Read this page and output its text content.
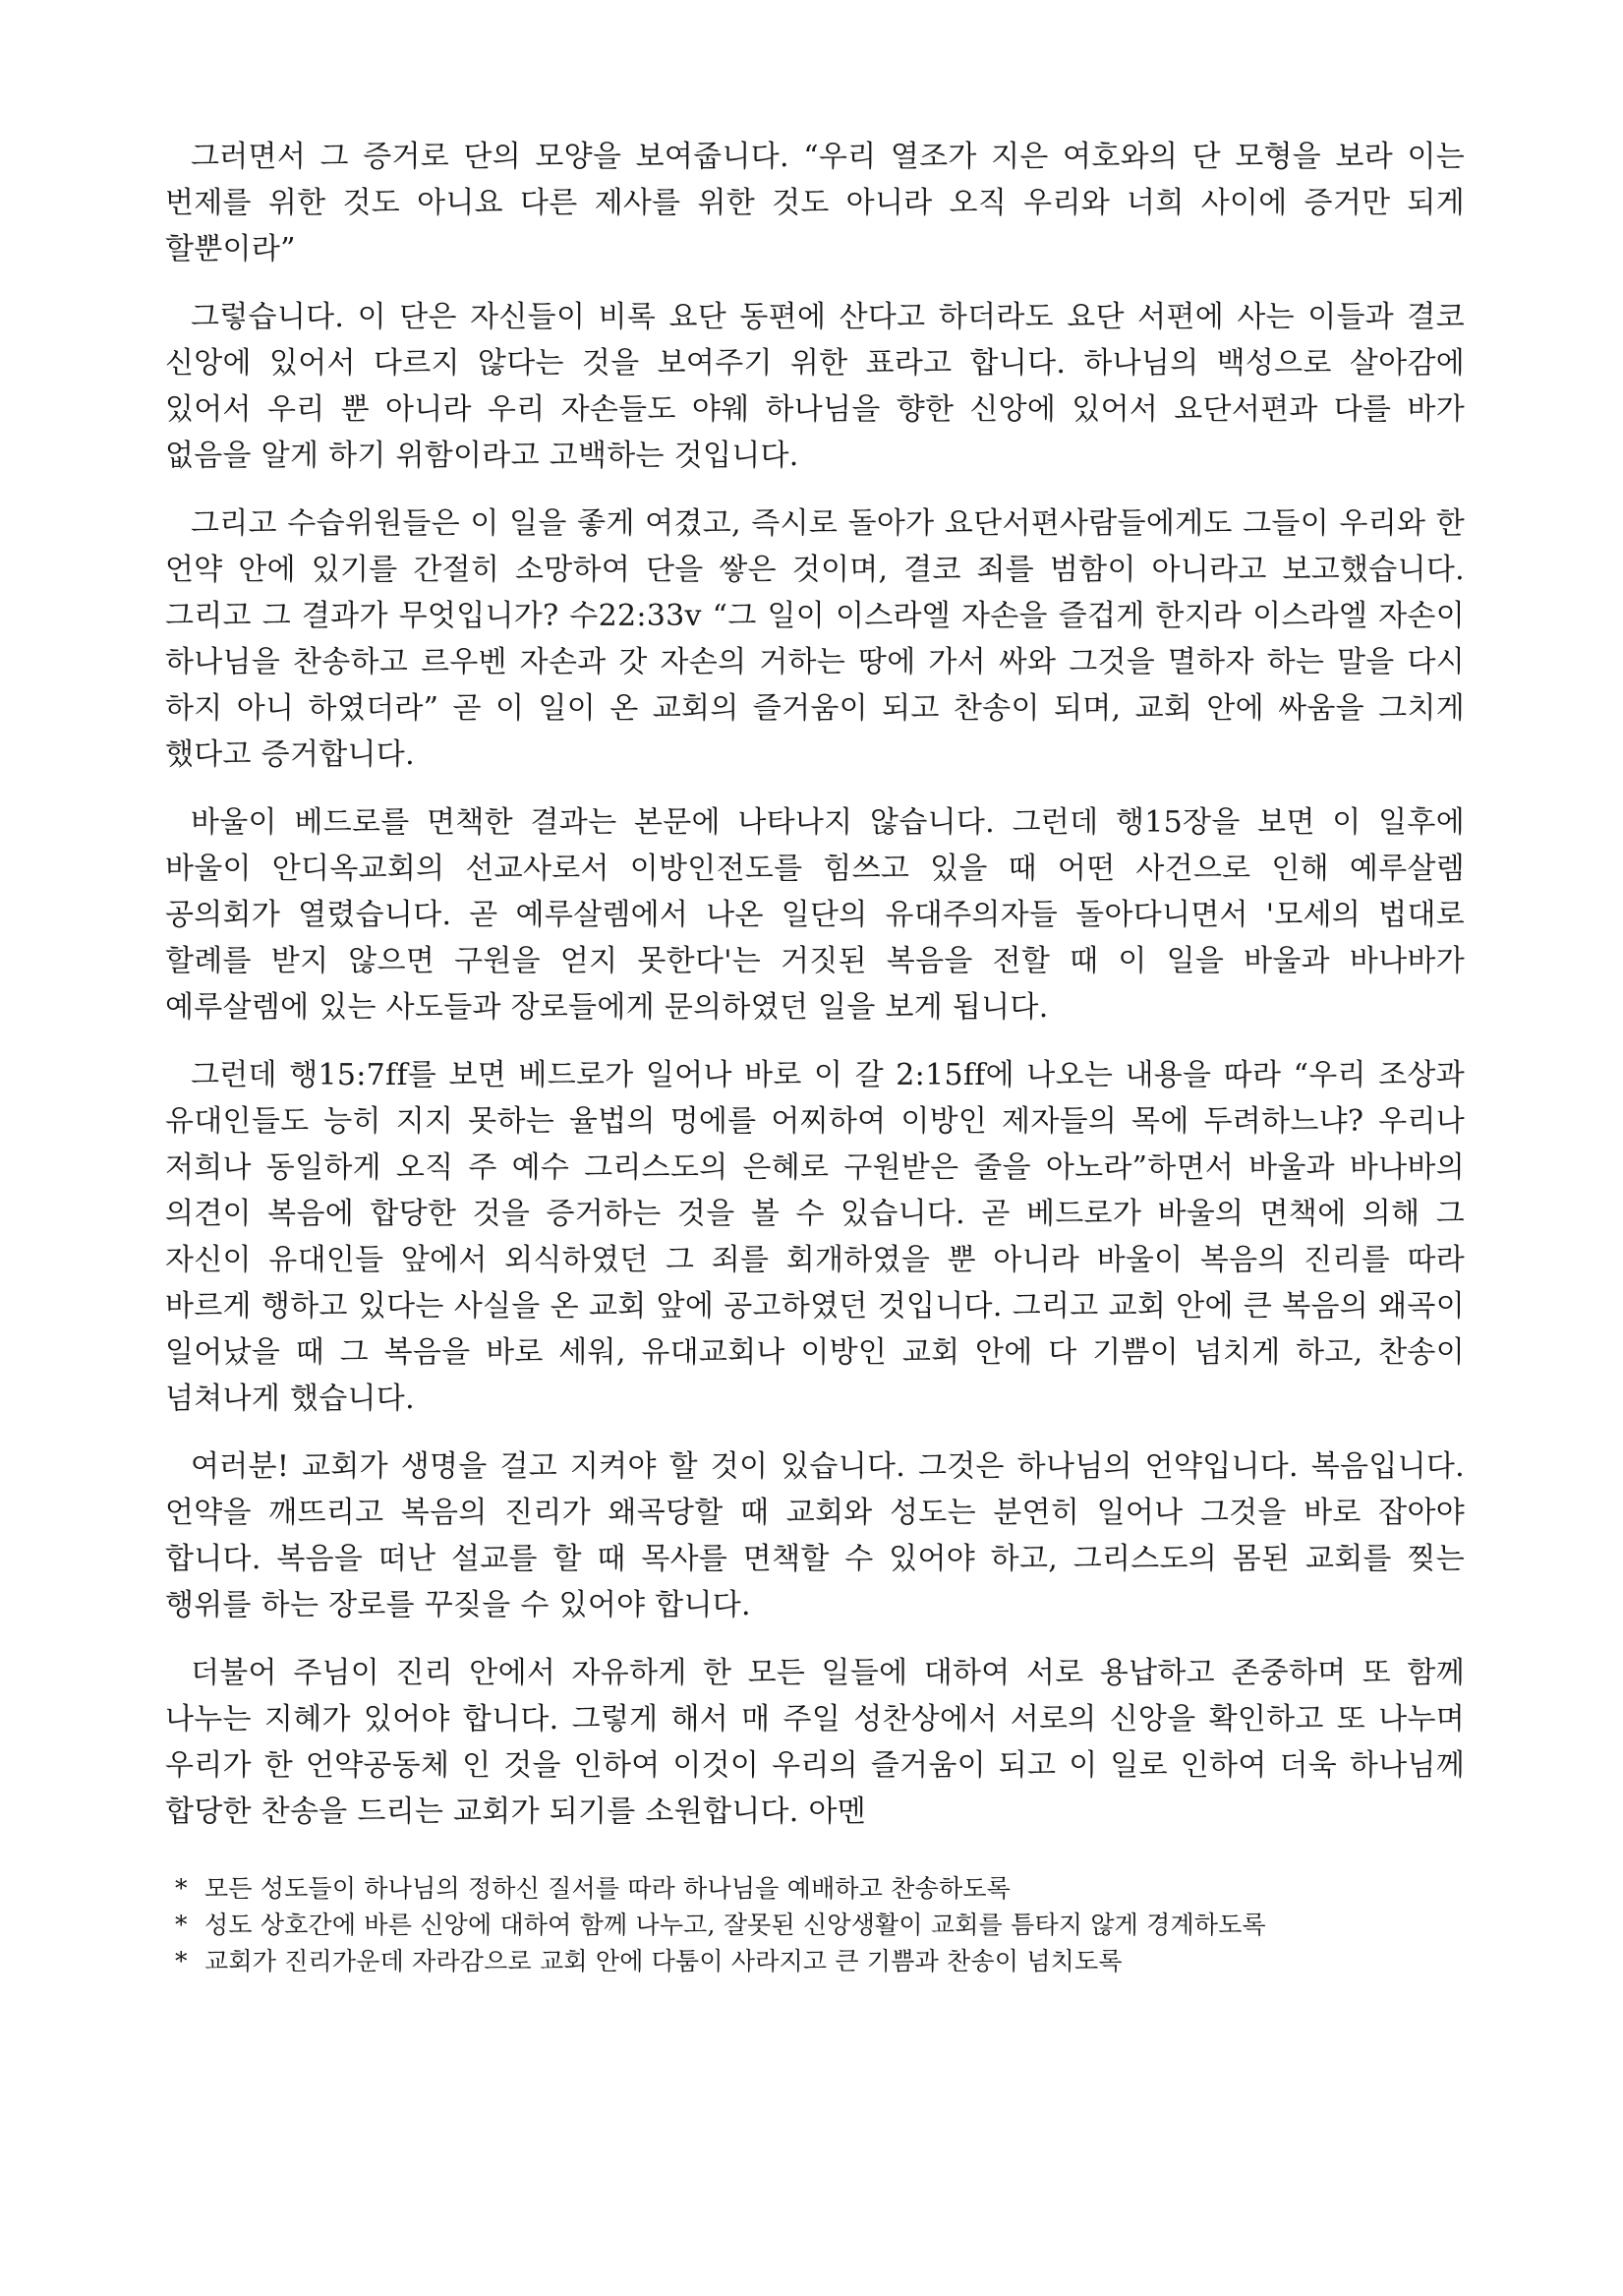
그러면서 그 증거로 단의 모양을 보여줍니다. “우리 열조가 지은 여호와의 단 모형을 보라 이는 번제를 위한 것도 아니요 다른 제사를 위한 것도 아니라 오직 우리와 너희 사이에 증거만 되게 할뿐이라”

그렇습니다. 이 단은 자신들이 비록 요단 동편에 산다고 하더라도 요단 서편에 사는 이들과 결코 신앙에 있어서 다르지 않다는 것을 보여주기 위한 표라고 합니다. 하나님의 백성으로 살아감에 있어서 우리 뿐 아니라 우리 자손들도 야웨 하나님을 향한 신앙에 있어서 요단서편과 다를 바가 없음을 알게 하기 위함이라고 고백하는 것입니다.

그리고 수습위원들은 이 일을 좋게 여겼고, 즉시로 돌아가 요단서편사람들에게도 그들이 우리와 한 언약 안에 있기를 간절히 소망하여 단을 쌓은 것이며, 결코 죄를 범함이 아니라고 보고했습니다. 그리고 그 결과가 무엇입니가? 수22:33v “그 일이 이스라엘 자손을 즐겁게 한지라 이스라엘 자손이 하나님을 찬송하고 르우벤 자손과 갓 자손의 거하는 땅에 가서 싸와 그것을 멸하자 하는 말을 다시 하지 아니 하였더라” 곧 이 일이 온 교회의 즐거움이 되고 찬송이 되며, 교회 안에 싸움을 그치게 했다고 증거합니다.

바울이 베드로를 면책한 결과는 본문에 나타나지 않습니다. 그런데 행15장을 보면 이 일후에 바울이 안디옥교회의 선교사로서 이방인전도를 힘쓰고 있을 때 어떤 사건으로 인해 예루살렘 공의회가 열렸습니다. 곧 예루살렘에서 나온 일단의 유대주의자들 돌아다니면서 '모세의 법대로 할례를 받지 않으면 구원을 얻지 못한다'는 거짓된 복음을 전할 때 이 일을 바울과 바나바가 예루살렘에 있는 사도들과 장로들에게 문의하였던 일을 보게 됩니다.

그런데 행15:7ff를 보면 베드로가 일어나 바로 이 갈 2:15ff에 나오는 내용을 따라 “우리 조상과 유대인들도 능히 지지 못하는 율법의 멍에를 어찌하여 이방인 제자들의 목에 두려하느냐? 우리나 저희나 동일하게 오직 주 예수 그리스도의 은혜로 구원받은 줄을 아노라”하면서 바울과 바나바의 의견이 복음에 합당한 것을 증거하는 것을 볼 수 있습니다. 곧 베드로가 바울의 면책에 의해 그 자신이 유대인들 앞에서 외식하였던 그 죄를 회개하였을 뿐 아니라 바울이 복음의 진리를 따라 바르게 행하고 있다는 사실을 온 교회 앞에 공고하였던 것입니다. 그리고 교회 안에 큰 복음의 왜곡이 일어났을 때 그 복음을 바로 세워, 유대교회나 이방인 교회 안에 다 기쁨이 넘치게 하고, 찬송이 넘쳐나게 했습니다.

여러분! 교회가 생명을 걸고 지켜야 할 것이 있습니다. 그것은 하나님의 언약입니다. 복음입니다. 언약을 깨뜨리고 복음의 진리가 왜곡당할 때 교회와 성도는 분연히 일어나 그것을 바로 잡아야 합니다. 복음을 떠난 설교를 할 때 목사를 면책할 수 있어야 하고, 그리스도의 몸된 교회를 찢는 행위를 하는 장로를 꾸짖을 수 있어야 합니다.

더불어 주님이 진리 안에서 자유하게 한 모든 일들에 대하여 서로 용납하고 존중하며 또 함께 나누는 지혜가 있어야 합니다. 그렇게 해서 매 주일 성찬상에서 서로의 신앙을 확인하고 또 나누며 우리가 한 언약공동체 인 것을 인하여 이것이 우리의 즐거움이 되고 이 일로 인하여 더욱 하나님께 합당한 찬송을 드리는 교회가 되기를 소원합니다. 아멘

* 모든 성도들이 하나님의 정하신 질서를 따라 하나님을 예배하고 찬송하도록
* 성도 상호간에 바른 신앙에 대하여 함께 나누고, 잘못된 신앙생활이 교회를 틈타지 않게 경계하도록
* 교회가 진리가운데 자라감으로 교회 안에 다툼이 사라지고 큰 기쁨과 찬송이 넘치도록
